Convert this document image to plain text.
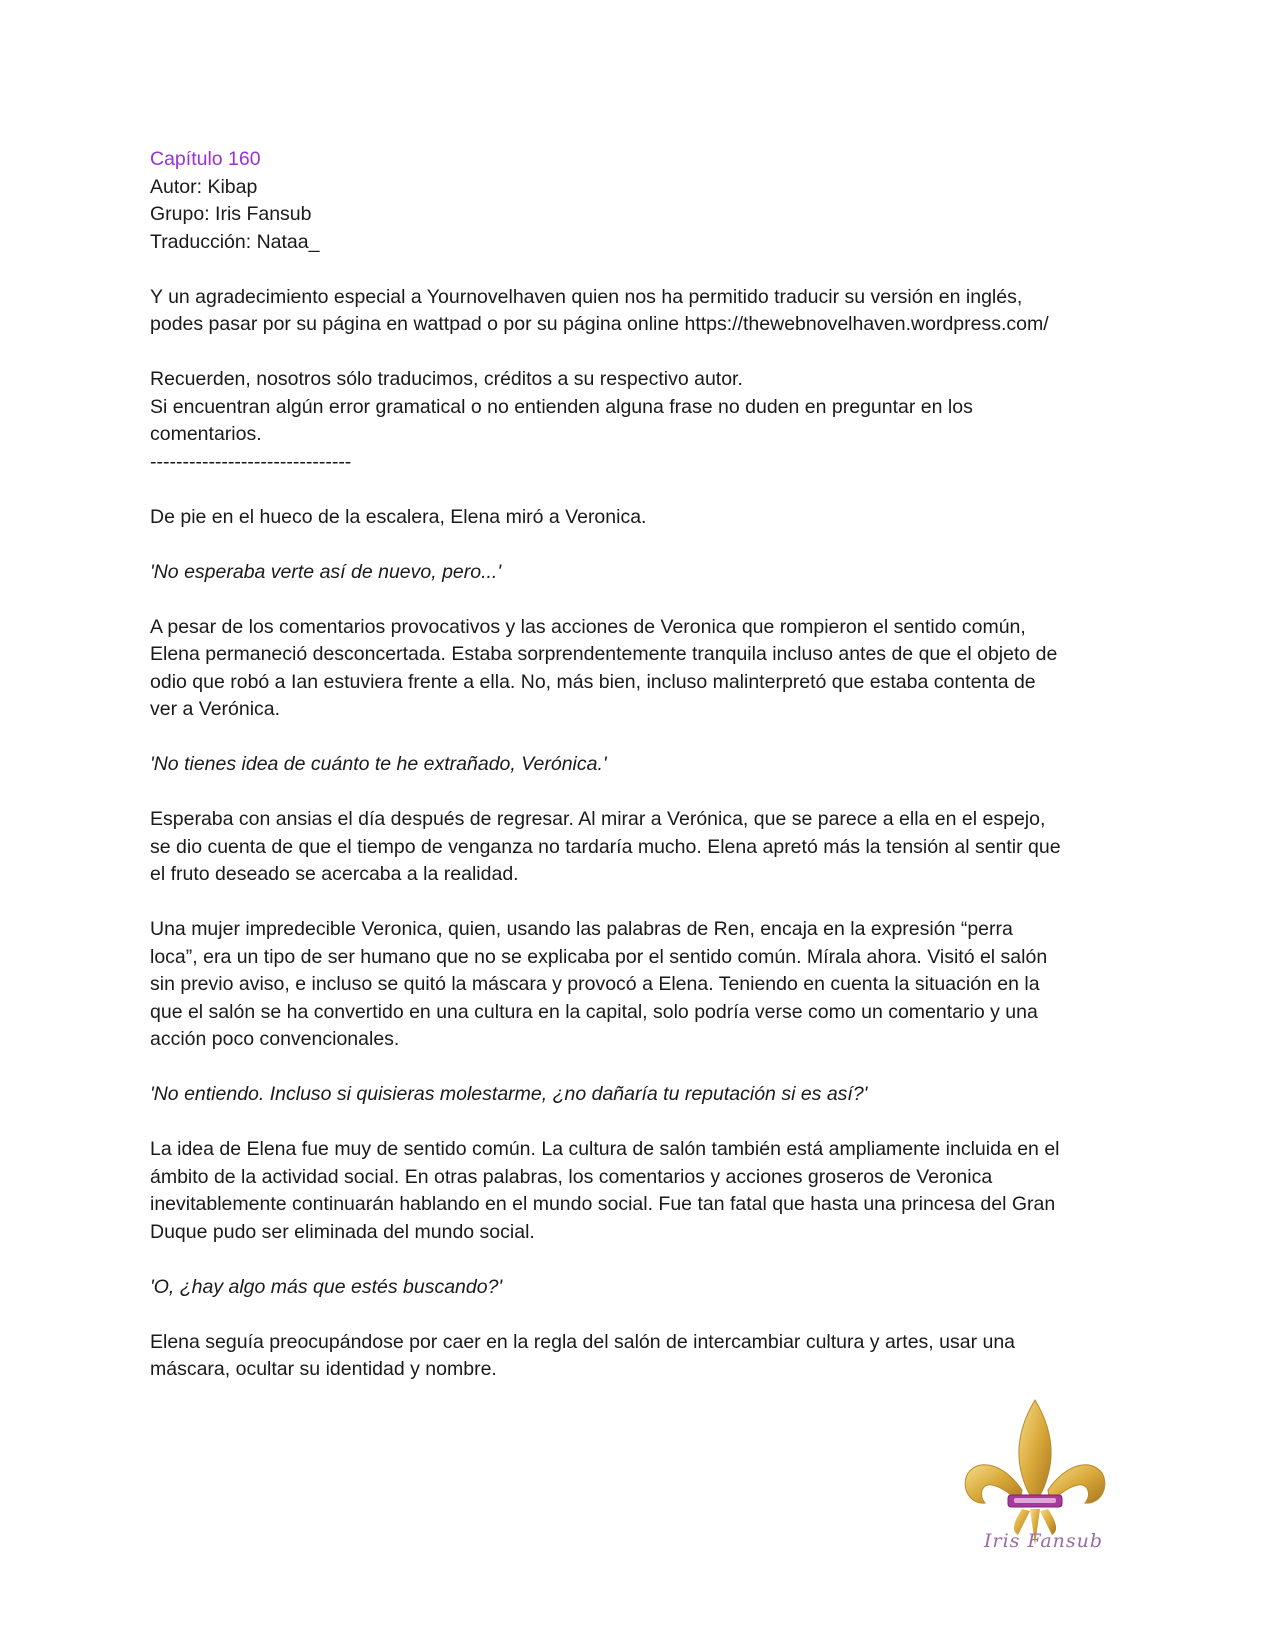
Capítulo 160
Autor: Kibap
Grupo: Iris Fansub
Traducción: Nataa_
Y un agradecimiento especial a Yournovelhaven quien nos ha permitido traducir su versión en inglés,
podes pasar por su página en wattpad o por su página online https://thewebnovelhaven.wordpress.com/
Recuerden, nosotros sólo traducimos, créditos a su respectivo autor.
Si encuentran algún error gramatical o no entienden alguna frase no duden en preguntar en los
comentarios.
-------------------------------
De pie en el hueco de la escalera, Elena miró a Veronica.
'No esperaba verte así de nuevo, pero...'
A pesar de los comentarios provocativos y las acciones de Veronica que rompieron el sentido común,
Elena permaneció desconcertada. Estaba sorprendentemente tranquila incluso antes de que el objeto de
odio que robó a Ian estuviera frente a ella. No, más bien, incluso malinterpretó que estaba contenta de
ver a Verónica.
'No tienes idea de cuánto te he extrañado, Verónica.'
Esperaba con ansias el día después de regresar. Al mirar a Verónica, que se parece a ella en el espejo,
se dio cuenta de que el tiempo de venganza no tardaría mucho. Elena apretó más la tensión al sentir que
el fruto deseado se acercaba a la realidad.
Una mujer impredecible Veronica, quien, usando las palabras de Ren, encaja en la expresión “perra
loca”, era un tipo de ser humano que no se explicaba por el sentido común. Mírala ahora. Visitó el salón
sin previo aviso, e incluso se quitó la máscara y provocó a Elena. Teniendo en cuenta la situación en la
que el salón se ha convertido en una cultura en la capital, solo podría verse como un comentario y una
acción poco convencionales.
'No entiendo. Incluso si quisieras molestarme, ¿no dañaría tu reputación si es así?'
La idea de Elena fue muy de sentido común. La cultura de salón también está ampliamente incluida en el
ámbito de la actividad social. En otras palabras, los comentarios y acciones groseros de Veronica
inevitablemente continuarán hablando en el mundo social. Fue tan fatal que hasta una princesa del Gran
Duque pudo ser eliminada del mundo social.
'O, ¿hay algo más que estés buscando?'
Elena seguía preocupándose por caer en la regla del salón de intercambiar cultura y artes, usar una
máscara, ocultar su identidad y nombre.
Iris Fansub
